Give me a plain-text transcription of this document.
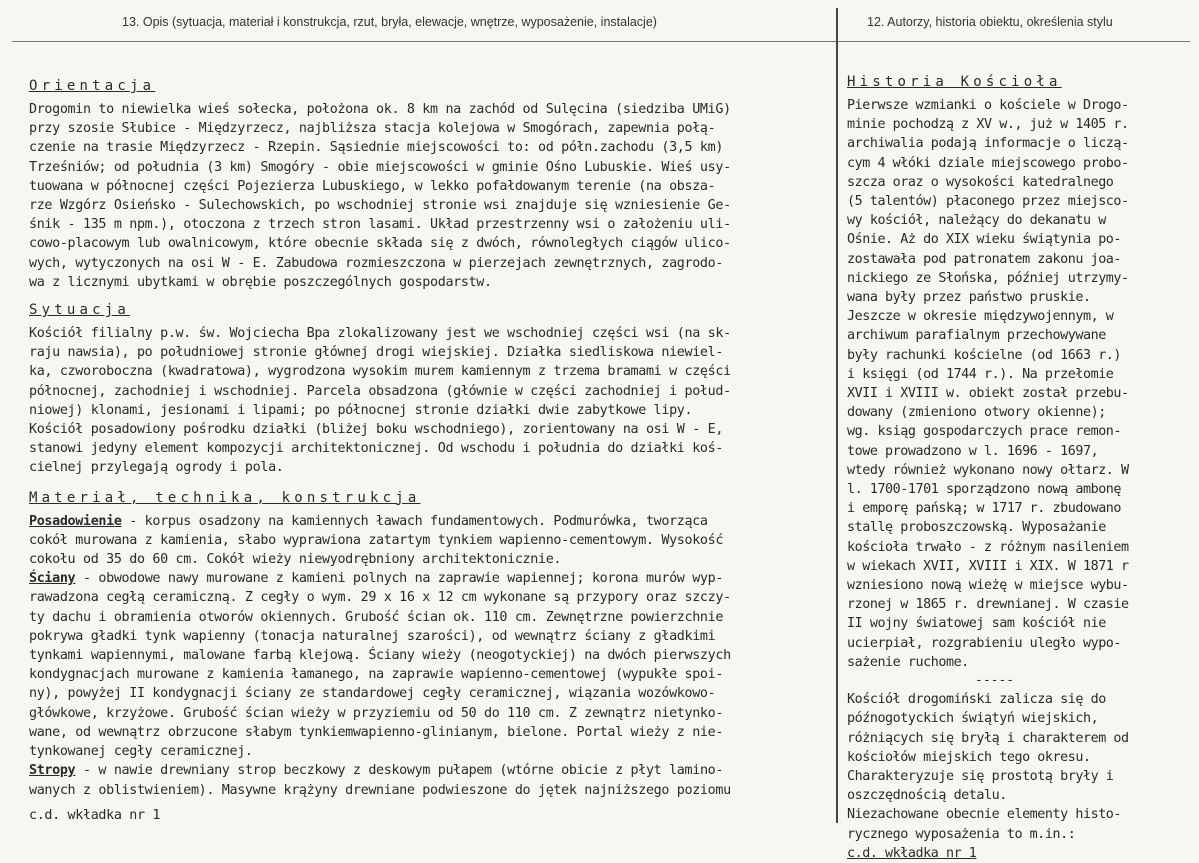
13. Opis (sytuacja, materiał i konstrukcja, rzut, bryła, elewacje, wnętrze, wyposażenie, instalacje)	12. Autorzy, historia obiektu, określenia stylu
Orientacja
Drogomin to niewielka wieś sołecka, położona ok. 8 km na zachód od Sulęcina (siedziba UMiG)
przy szosie Słubice - Międzyrzecz, najbliższa stacja kolejowa w Smogórach, zapewnia połą-
czenie na trasie Międzyrzecz - Rzepin. Sąsiednie miejscowości to: od półn.zachodu (3,5 km)
Trześniów; od południa (3 km) Smogóry - obie miejscowości w gminie Ośno Lubuskie. Wieś usy-
tuowana w północnej części Pojezierza Lubuskiego, w lekko pofałdowanym terenie (na obsza-
rze Wzgórz Osieńsko - Sulechowskich, po wschodniej stronie wsi znajduje się wzniesienie Ge-
śnik - 135 m npm.), otoczona z trzech stron lasami. Układ przestrzenny wsi o założeniu uli-
cowo-placowym lub owalnicowym, które obecnie składa się z dwóch, równoległych ciągów ulico-
wych, wytyczonych na osi W - E. Zabudowa rozmieszczona w pierzejach zewnętrznych, zagrodo-
wa z licznymi ubytkami w obrębie poszczególnych gospodarstw.
Sytuacja
Kościół filialny p.w. św. Wojciecha Bpa zlokalizowany jest we wschodniej części wsi (na sk-
raju nawsia), po południowej stronie głównej drogi wiejskiej. Działka siedliskowa niewiel-
ka, czworoboczna (kwadratowa), wygrodzona wysokim murem kamiennym z trzema bramami w części
północnej, zachodniej i wschodniej. Parcela obsadzona (głównie w części zachodniej i połud-
niowej) klonami, jesionami i lipami; po północnej stronie działki dwie zabytkowe lipy.
Kościół posadowiony pośrodku działki (bliżej boku wschodniego), zorientowany na osi W - E,
stanowi jedyny element kompozycji architektonicznej. Od wschodu i południa do działki koś-
cielnej przylegają ogrody i pola.
Materiał, technika, konstrukcja
Posadowienie - korpus osadzony na kamiennych ławach fundamentowych. Podmurówka, tworząca
cokół murowana z kamienia, słabo wyprawiona zatartym tynkiem wapienno-cementowym. Wysokość
cokołu od 35 do 60 cm. Cokół wieży niewyodrębniony architektonicznie.
Ściany - obwodowe nawy murowane z kamieni polnych na zaprawie wapiennej; korona murów wyp-
rawadzona cegłą ceramiczną. Z cegły o wym. 29 x 16 x 12 cm wykonane są przypory oraz szczy-
ty dachu i obramienia otworów okiennych. Grubość ścian ok. 110 cm. Zewnętrzne powierzchnie
pokrywa gładki tynk wapienny (tonacja naturalnej szarości), od wewnątrz ściany z gładkimi
tynkami wapiennymi, malowane farbą klejową. Ściany wieży (neogotyckiej) na dwóch pierwszych
kondygnacjach murowane z kamienia łamanego, na zaprawie wapienno-cementowej (wypukłe spoi-
ny), powyżej II kondygnacji ściany ze standardowej cegły ceramicznej, wiązania wozówkowo-
główkowe, krzyżowe. Grubość ścian wieży w przyziemiu od 50 do 110 cm. Z zewnątrz nietynko-
wane, od wewnątrz obrzucone słabym tynkiemwapienno-glinianym, bielone. Portal wieży z nie-
tynkowanej cegły ceramicznej.
Stropy - w nawie drewniany strop beczkowy z deskowym pułapem (wtórne obicie z płyt lamino-
wanych z oblistwieniem). Masywne krążyny drewniane podwieszone do jętek najniższego poziomu
c.d. wkładka nr 1
Historia Kościoła
Pierwsze wzmianki o kościele w Drogo-
minie pochodzą z XV w., już w 1405 r.
archiwalia podają informacje o liczą-
cym 4 włóki dziale miejscowego probo-
szcza oraz o wysokości katedralnego
(5 talentów) płaconego przez miejsco-
wy kościół, należący do dekanatu w
Ośnie. Aż do XIX wieku świątynia po-
zostawała pod patronatem zakonu joa-
nickiego ze Słońska, później utrzymy-
wana były przez państwo pruskie.
Jeszcze w okresie międzywojennym, w
archiwum parafialnym przechowywane
były rachunki kościelne (od 1663 r.)
i księgi (od 1744 r.). Na przełomie
XVII i XVIII w. obiekt został przebu-
dowany (zmieniono otwory okienne);
wg. ksiąg gospodarczych prace remon-
towe prowadzono w l. 1696 - 1697,
wtedy również wykonano nowy ołtarz. W
l. 1700-1701 sporządzono nową ambonę
i emporę pańską; w 1717 r. zbudowano
stallę proboszczowską. Wyposażanie
kościoła trwało - z różnym nasileniem
w wiekach XVII, XVIII i XIX. W 1871 r
wzniesiono nową wieżę w miejsce wybu-
rzonej w 1865 r. drewnianej. W czasie
II wojny światowej sam kościół nie
ucierpiał, rozgrabieniu uległo wypo-
sażenie ruchome.
-----
Kościół drogomiński zalicza się do
późnogotyckich świątyń wiejskich,
różniących się bryłą i charakterem od
kościołów miejskich tego okresu.
Charakteryzuje się prostotą bryły i
oszczędnością detalu.
Niezachowane obecnie elementy histo-
rycznego wyposażenia to m.in.:
c.d. wkładka nr 1
